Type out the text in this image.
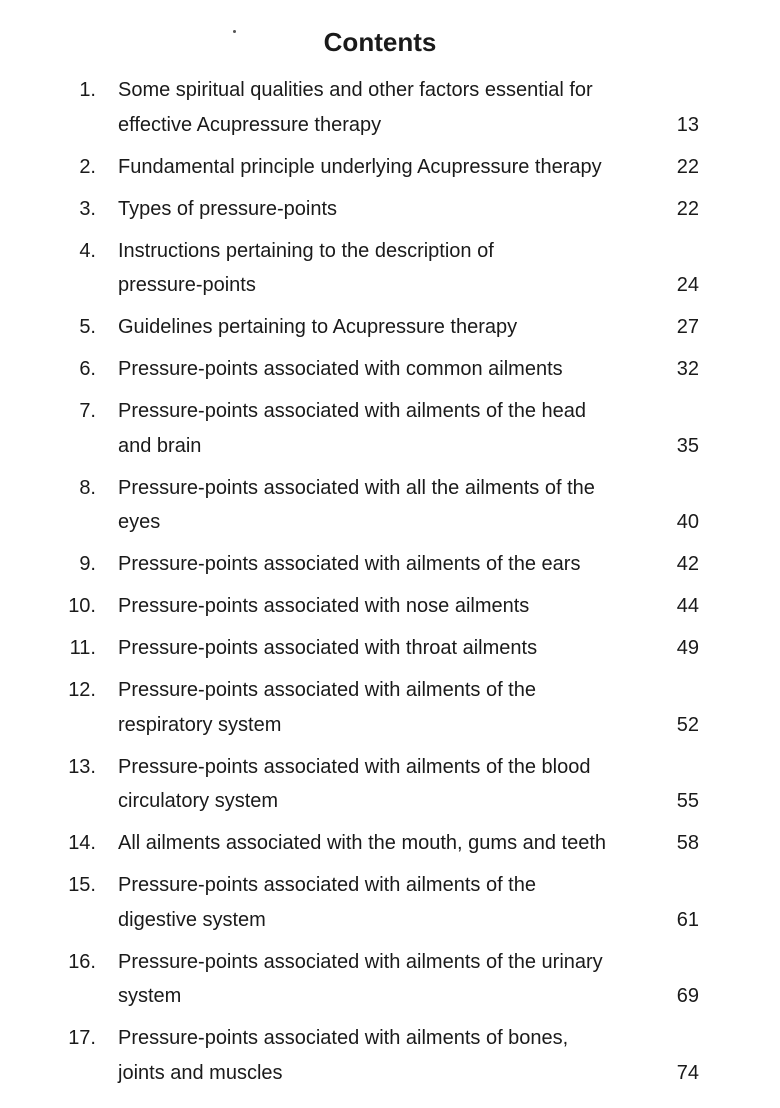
Contents
1. Some spiritual qualities and other factors essential for
effective Acupressure therapy	13
2. Fundamental principle underlying Acupressure therapy	22
3. Types of pressure-points	22
4. Instructions pertaining to the description of
pressure-points	24
5. Guidelines pertaining to Acupressure therapy	27
6. Pressure-points associated with common ailments	32
7. Pressure-points associated with ailments of the head
and brain	35
8. Pressure-points associated with all the ailments of the
eyes	40
9. Pressure-points associated with ailments of the ears	42
10. Pressure-points associated with nose ailments	44
11. Pressure-points associated with throat ailments	49
12. Pressure-points associated with ailments of the
respiratory system	52
13. Pressure-points associated with ailments of the blood
circulatory system	55
14. All ailments associated with the mouth, gums and teeth	58
15. Pressure-points associated with ailments of the
digestive system	61
16. Pressure-points associated with ailments of the urinary
system	69
17. Pressure-points associated with ailments of bones,
joints and muscles	74
